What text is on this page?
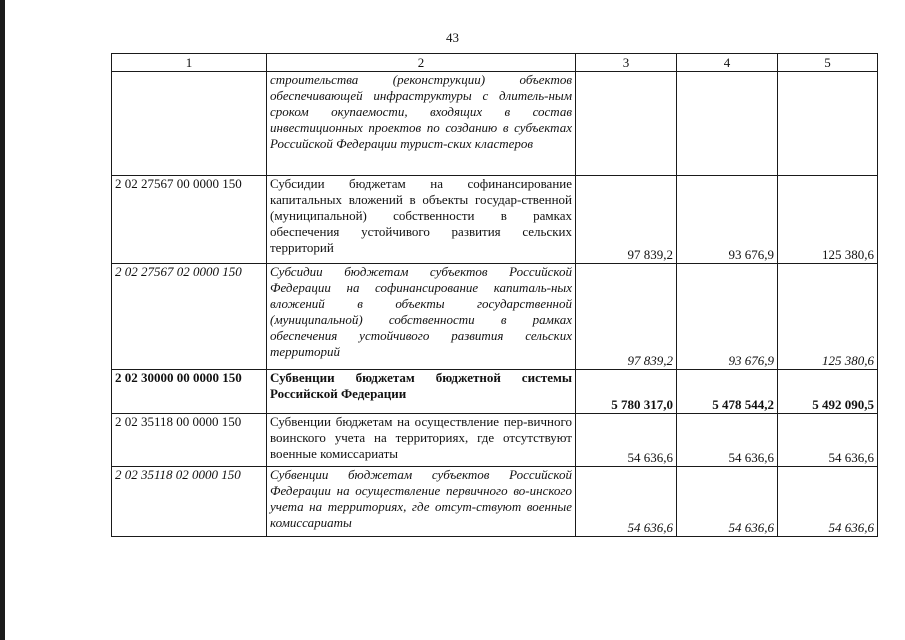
43
1	2	3	4	5
	строительства (реконструкции) объектов обеспечивающей инфраструктуры с длитель-ным сроком окупаемости, входящих в состав инвестиционных проектов по созданию в субъектах Российской Федерации турист-ских кластеров			
2 02 27567 00 0000 150	Субсидии бюджетам на софинансирование капитальных вложений в объекты государ-ственной (муниципальной) собственности в рамках обеспечения устойчивого развития сельских территорий	97 839,2	93 676,9	125 380,6
2 02 27567 02 0000 150	Субсидии бюджетам субъектов Российской Федерации на софинансирование капиталь-ных вложений в объекты государственной (муниципальной) собственности в рамках обеспечения устойчивого развития сельских территорий	97 839,2	93 676,9	125 380,6
2 02 30000 00 0000 150	Субвенции бюджетам бюджетной системы Российской Федерации	5 780 317,0	5 478 544,2	5 492 090,5
2 02 35118 00 0000 150	Субвенции бюджетам на осуществление пер-вичного воинского учета на территориях, где отсутствуют военные комиссариаты	54 636,6	54 636,6	54 636,6
2 02 35118 02 0000 150	Субвенции бюджетам субъектов Российской Федерации на осуществление первичного во-инского учета на территориях, где отсут-ствуют военные комиссариаты	54 636,6	54 636,6	54 636,6
